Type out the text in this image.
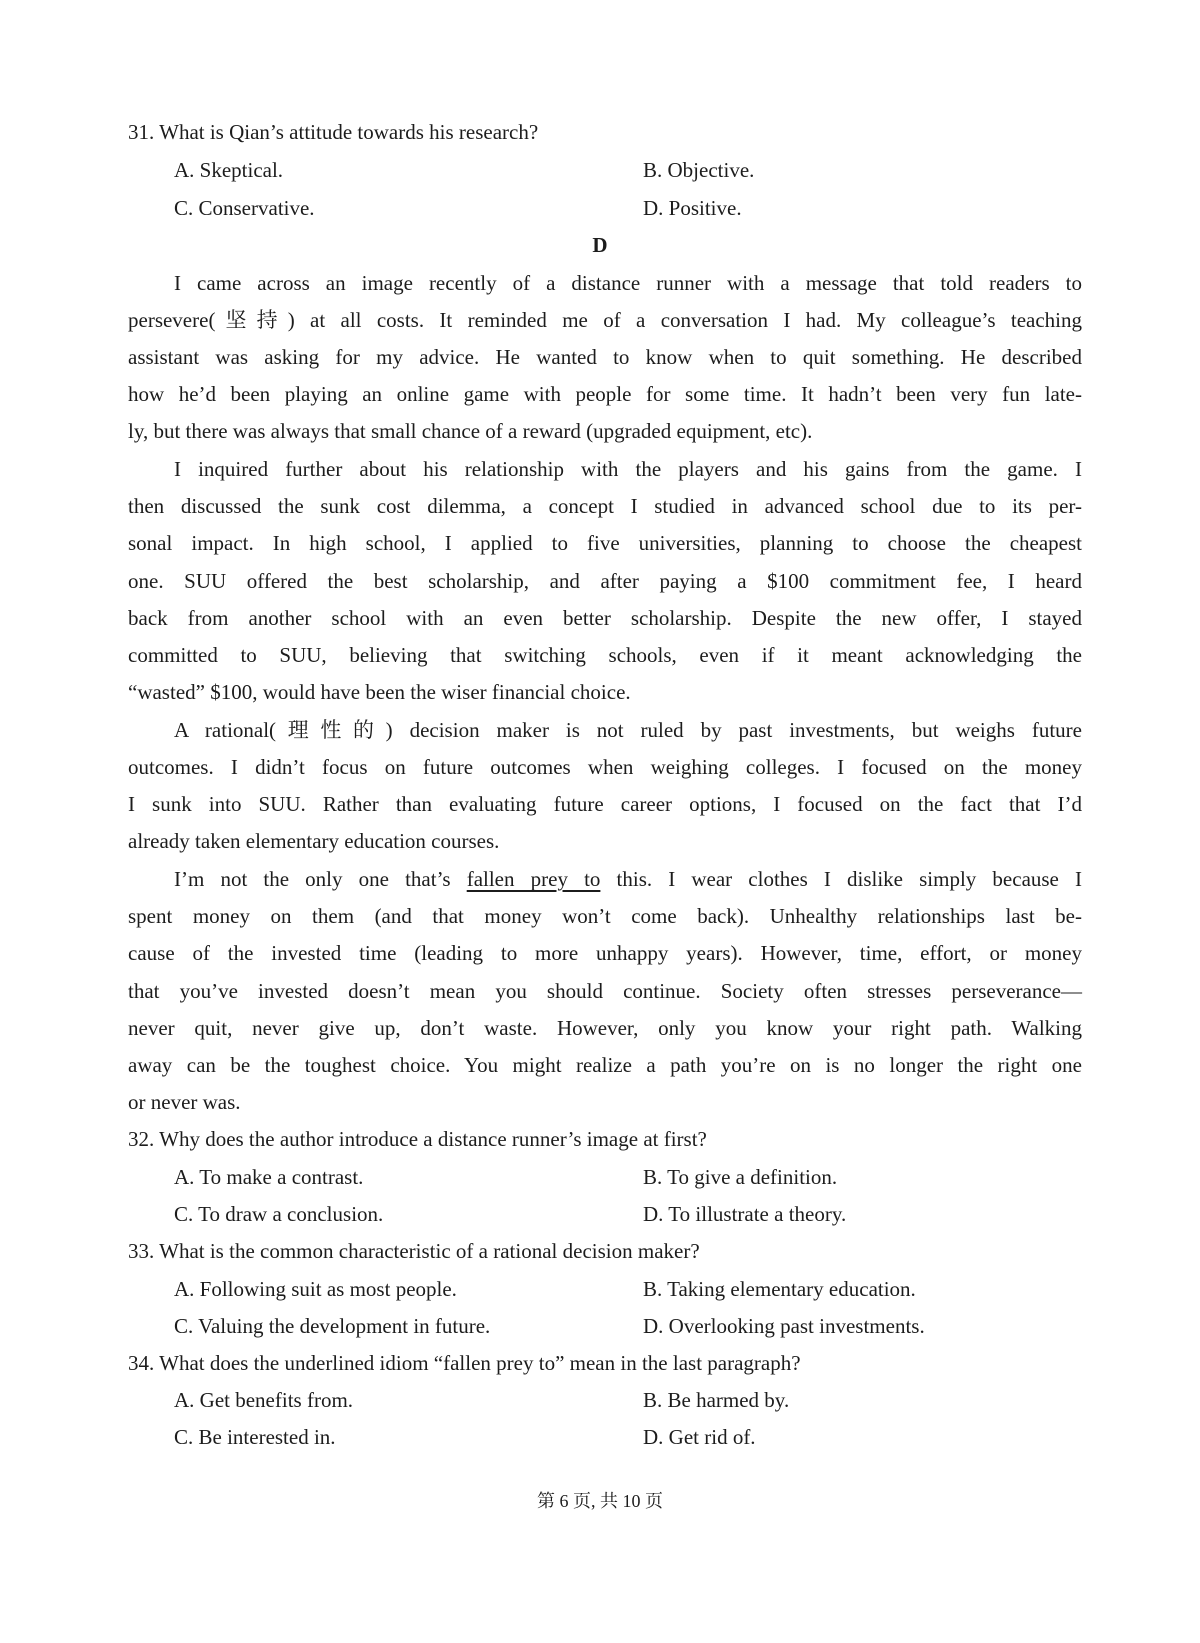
31. What is Qian’s attitude towards his research?
A. Skeptical.	B. Objective.
C. Conservative.	D. Positive.
D
I came across an image recently of a distance runner with a message that told readers to
persevere(坚持) at all costs. It reminded me of a conversation I had. My colleague’s teaching
assistant was asking for my advice. He wanted to know when to quit something. He described
how he’d been playing an online game with people for some time. It hadn’t been very fun late-
ly, but there was always that small chance of a reward (upgraded equipment, etc).
I inquired further about his relationship with the players and his gains from the game. I
then discussed the sunk cost dilemma, a concept I studied in advanced school due to its per-
sonal impact. In high school, I applied to five universities, planning to choose the cheapest
one. SUU offered the best scholarship, and after paying a $100 commitment fee, I heard
back from another school with an even better scholarship. Despite the new offer, I stayed
committed to SUU, believing that switching schools, even if it meant acknowledging the
“wasted” $100, would have been the wiser financial choice.
A rational(理性的) decision maker is not ruled by past investments, but weighs future
outcomes. I didn’t focus on future outcomes when weighing colleges. I focused on the money
I sunk into SUU. Rather than evaluating future career options, I focused on the fact that I’d
already taken elementary education courses.
I’m not the only one that’s fallen prey to this. I wear clothes I dislike simply because I
spent money on them (and that money won’t come back). Unhealthy relationships last be-
cause of the invested time (leading to more unhappy years). However, time, effort, or money
that you’ve invested doesn’t mean you should continue. Society often stresses perseverance—
never quit, never give up, don’t waste. However, only you know your right path. Walking
away can be the toughest choice. You might realize a path you’re on is no longer the right one
or never was.
32. Why does the author introduce a distance runner’s image at first?
A. To make a contrast.	B. To give a definition.
C. To draw a conclusion.	D. To illustrate a theory.
33. What is the common characteristic of a rational decision maker?
A. Following suit as most people.	B. Taking elementary education.
C. Valuing the development in future.	D. Overlooking past investments.
34. What does the underlined idiom “fallen prey to” mean in the last paragraph?
A. Get benefits from.	B. Be harmed by.
C. Be interested in.	D. Get rid of.
第 6 页, 共 10 页
